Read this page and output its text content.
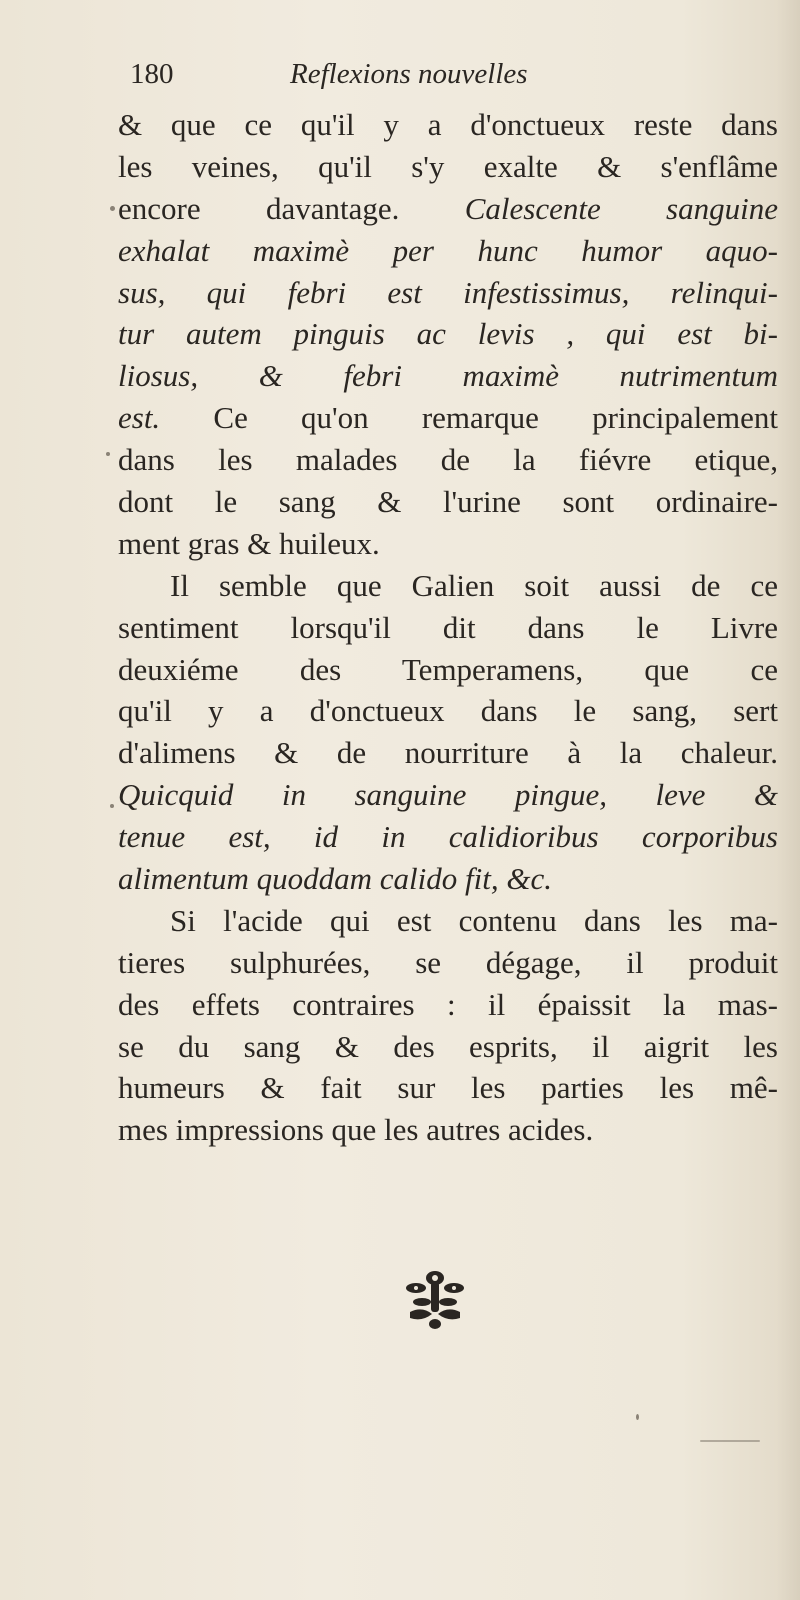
180	Reflexions nouvelles
& que ce qu'il y a d'onctueux reste dans
les veines, qu'il s'y exalte & s'enflâme
encore davantage. Calescente sanguine
exhalat maximè per hunc humor aquo-
sus, qui febri est infestissimus, relinqui-
tur autem pinguis ac levis , qui est bi-
liosus, & febri maximè nutrimentum
est. Ce qu'on remarque principalement
dans les malades de la fiévre etique,
dont le sang & l'urine sont ordinaire-
ment gras & huileux.
Il semble que Galien soit aussi de ce
sentiment lorsqu'il dit dans le Livre
deuxiéme des Temperamens, que ce
qu'il y a d'onctueux dans le sang, sert
d'alimens & de nourriture à la chaleur.
Quicquid in sanguine pingue, leve &
tenue est, id in calidioribus corporibus
alimentum quoddam calido fit, &c.
Si l'acide qui est contenu dans les ma-
tieres sulphurées, se dégage, il produit
des effets contraires : il épaissit la mas-
se du sang & des esprits, il aigrit les
humeurs & fait sur les parties les mê-
mes impressions que les autres acides.
